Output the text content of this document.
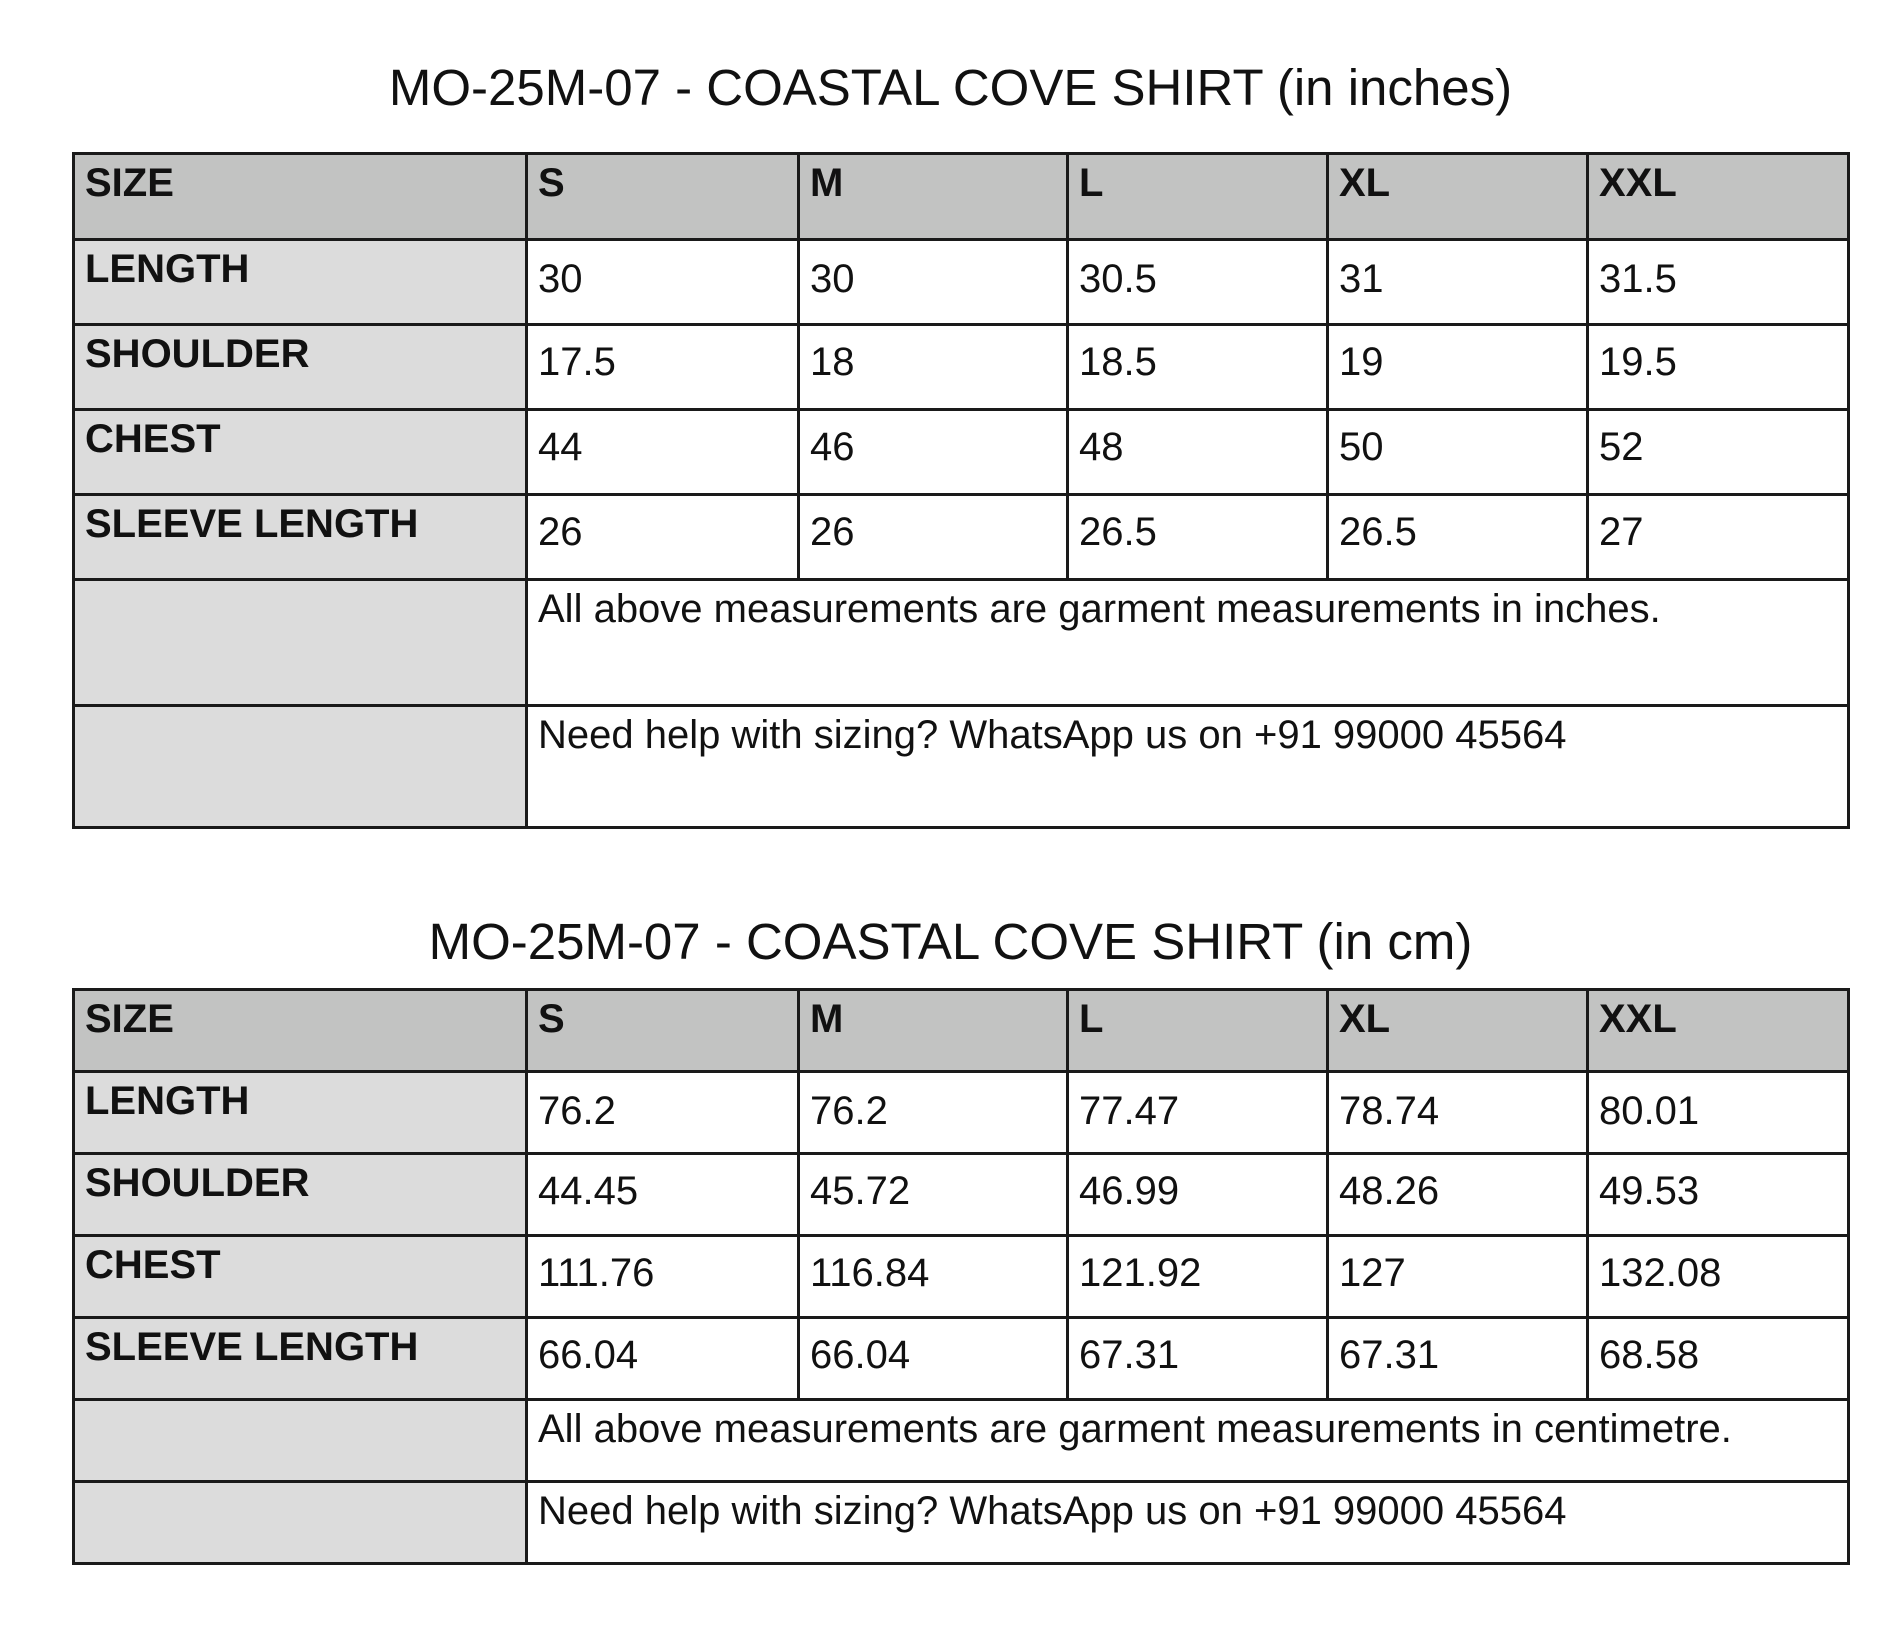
MO-25M-07 - COASTAL COVE SHIRT (in inches)
SIZE	S	M	L	XL	XXL
LENGTH	30	30	30.5	31	31.5
SHOULDER	17.5	18	18.5	19	19.5
CHEST	44	46	48	50	52
SLEEVE LENGTH	26	26	26.5	26.5	27
	All above measurements are garment measurements in inches.				
	Need help with sizing? WhatsApp us on +91 99000 45564				
MO-25M-07 - COASTAL COVE SHIRT (in cm)
SIZE	S	M	L	XL	XXL
LENGTH	76.2	76.2	77.47	78.74	80.01
SHOULDER	44.45	45.72	46.99	48.26	49.53
CHEST	111.76	116.84	121.92	127	132.08
SLEEVE LENGTH	66.04	66.04	67.31	67.31	68.58
	All above measurements are garment measurements in centimetre.				
	Need help with sizing? WhatsApp us on +91 99000 45564				
